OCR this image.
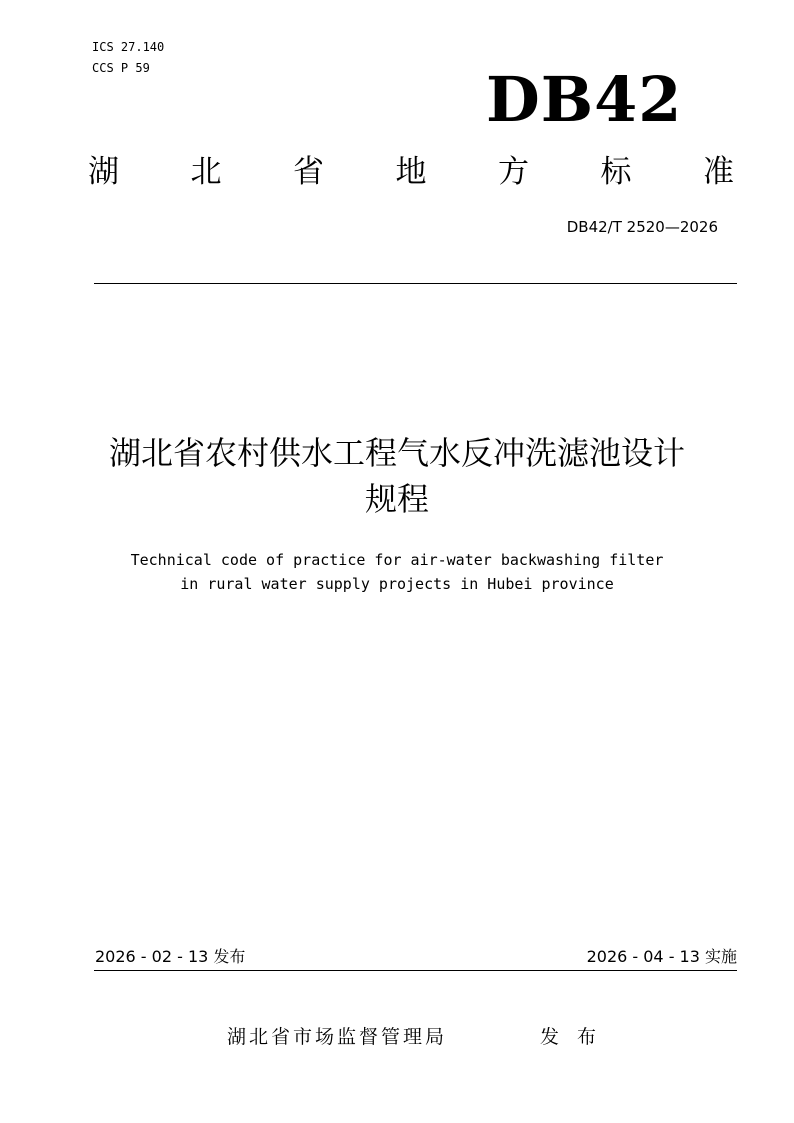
ICS 27.140
CCS P 59	DB42
湖 北 省 地 方 标 准
DB42/T 2520—2026
湖北省农村供水工程气水反冲洗滤池设计
规程
Technical code of practice for air-water backwashing filter
in rural water supply projects in Hubei province
2026 - 02 - 13 发布	2026 - 04 - 13 实施
湖北省市场监督管理局	发 布
